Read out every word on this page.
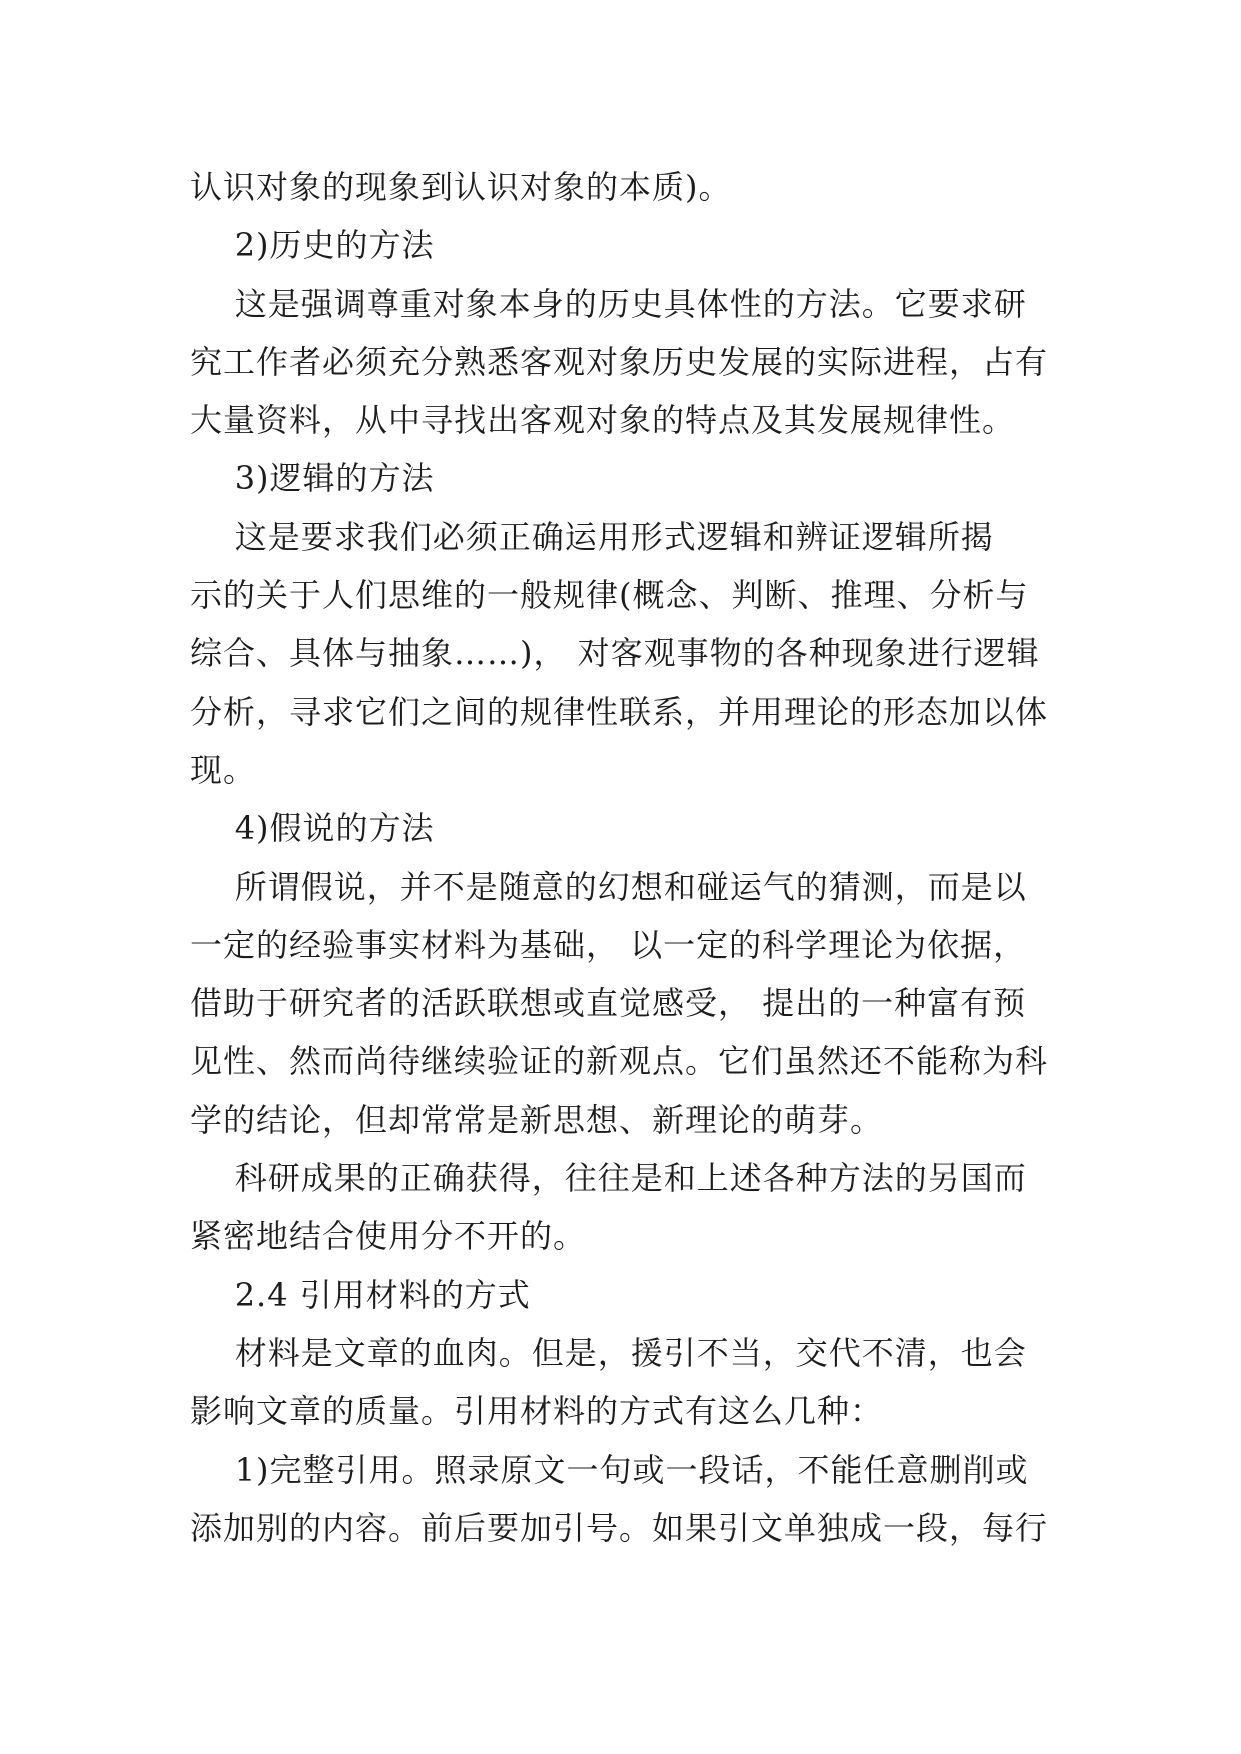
认识对象的现象到认识对象的本质)。
2)历史的方法
这是强调尊重对象本身的历史具体性的方法。它要求研
究工作者必须充分熟悉客观对象历史发展的实际进程，占有
大量资料，从中寻找出客观对象的特点及其发展规律性。
3)逻辑的方法
这是要求我们必须正确运用形式逻辑和辨证逻辑所揭
示的关于人们思维的一般规律(概念、判断、推理、分析与
综合、具体与抽象……)， 对客观事物的各种现象进行逻辑
分析，寻求它们之间的规律性联系，并用理论的形态加以体
现。
4)假说的方法
所谓假说，并不是随意的幻想和碰运气的猜测，而是以
一定的经验事实材料为基础， 以一定的科学理论为依据，
借助于研究者的活跃联想或直觉感受， 提出的一种富有预
见性、然而尚待继续验证的新观点。它们虽然还不能称为科
学的结论，但却常常是新思想、新理论的萌芽。
科研成果的正确获得，往往是和上述各种方法的另国而
紧密地结合使用分不开的。
2.4 引用材料的方式
材料是文章的血肉。但是，援引不当，交代不清，也会
影响文章的质量。引用材料的方式有这么几种：
1)完整引用。照录原文一句或一段话，不能任意删削或
添加别的内容。前后要加引号。如果引文单独成一段，每行
